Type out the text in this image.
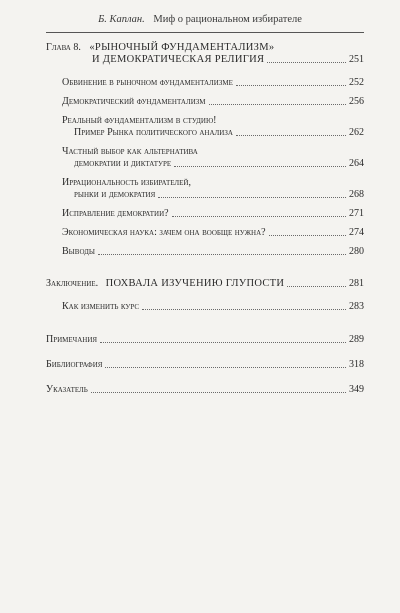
Б. Каплан. Миф о рациональном избирателе
Глава 8. «РЫНОЧНЫЙ ФУНДАМЕНТАЛИЗМ»
И ДЕМОКРАТИЧЕСКАЯ РЕЛИГИЯ	251
Обвинение в рыночном фундаментализме	252
Демократический фундаментализм	256
Реальный фундаментализм в студию!
Пример Рынка политического анализа	262
Частный выбор как альтернатива
демократии и диктатуре	264
Иррациональность избирателей,
рынки и демократия	268
Исправление демократии?	271
Экономическая наука: зачем она вообще нужна?	274
Выводы	280
Заключение. ПОХВАЛА ИЗУЧЕНИЮ ГЛУПОСТИ	281
Как изменить курс	283
Примечания	289
Библиография	318
Указатель	349
